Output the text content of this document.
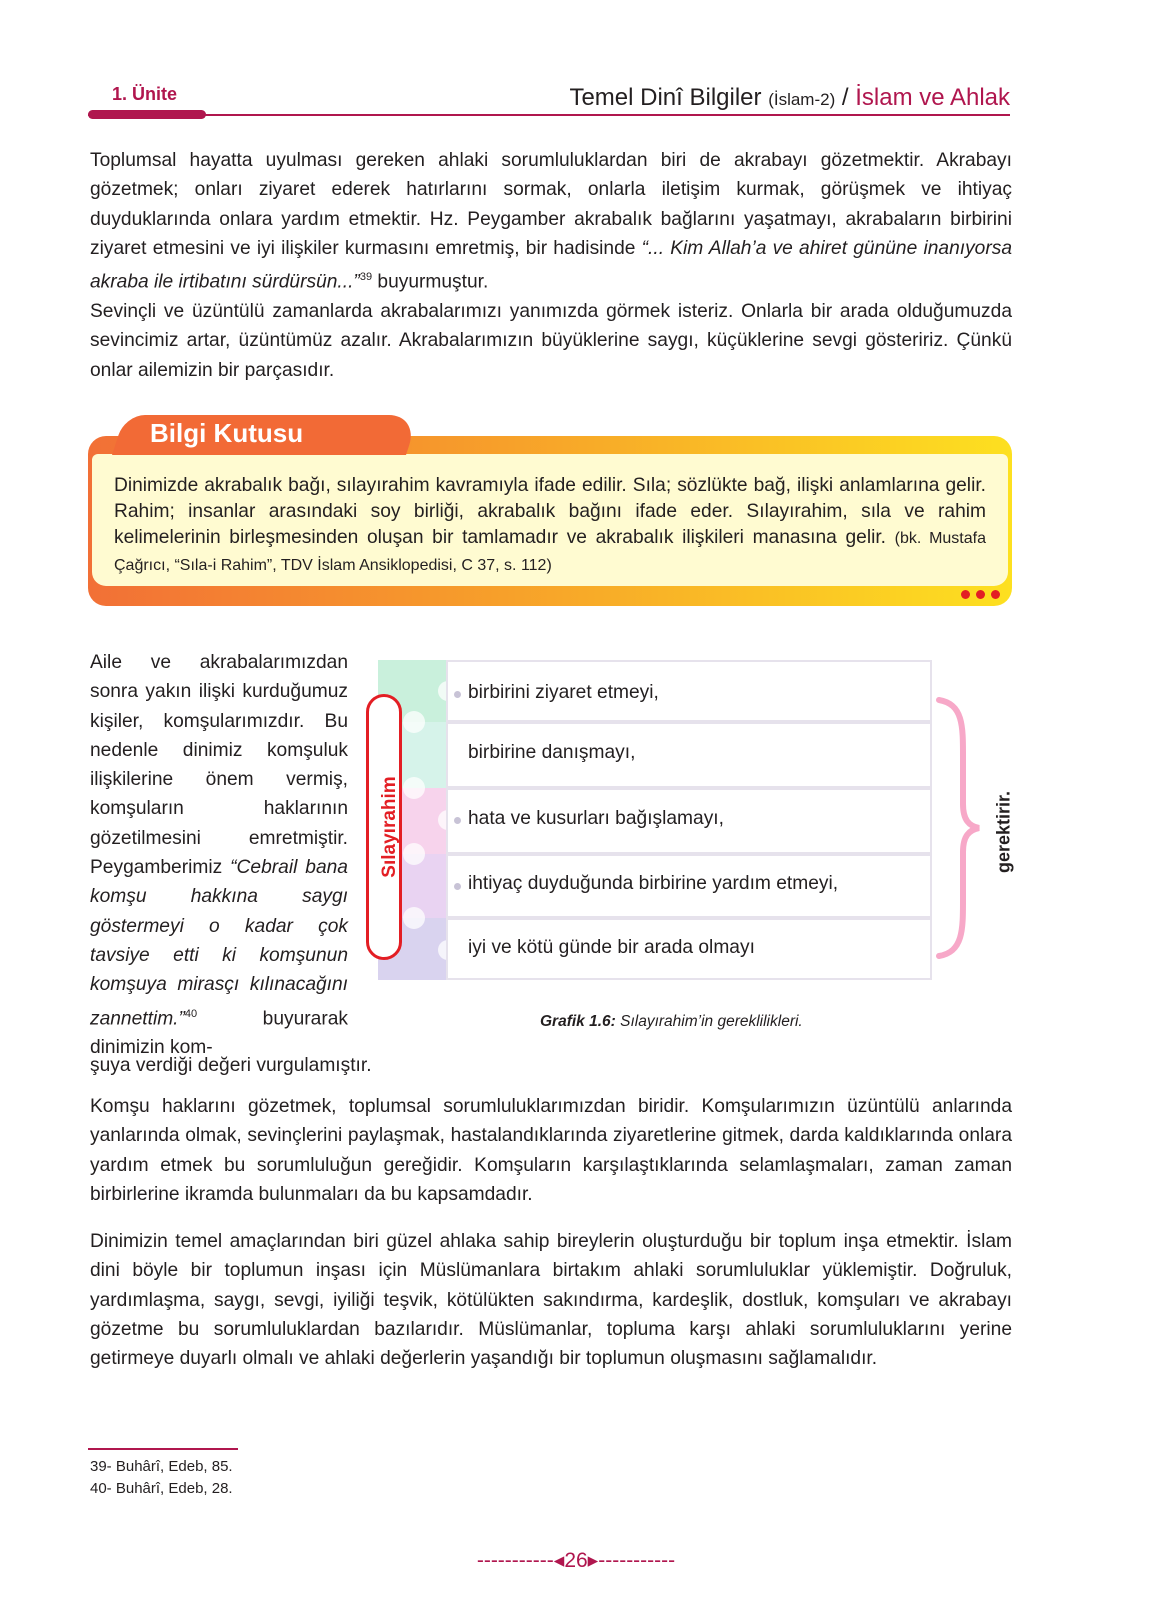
1. Ünite	Temel Dinî Bilgiler (İslam-2) / İslam ve Ahlak
Toplumsal hayatta uyulması gereken ahlaki sorumluluklardan biri de akrabayı gözetmektir. Akrabayı gözetmek; onları ziyaret ederek hatırlarını sormak, onlarla iletişim kurmak, görüşmek ve ihtiyaç duyduklarında onlara yardım etmektir. Hz. Peygamber akrabalık bağlarını yaşatmayı, akrabaların birbirini ziyaret etmesini ve iyi ilişkiler kurmasını emretmiş, bir hadisinde “... Kim Allah’a ve ahiret gününe inanıyorsa akraba ile irtibatını sürdürsün...”$^{39}$ buyurmuştur.
Sevinçli ve üzüntülü zamanlarda akrabalarımızı yanımızda görmek isteriz. Onlarla bir arada olduğumuzda sevincimiz artar, üzüntümüz azalır. Akrabalarımızın büyüklerine saygı, küçüklerine sevgi gösteririz. Çünkü onlar ailemizin bir parçasıdır.
Bilgi Kutusu
Dinimizde akrabalık bağı, sılayırahim kavramıyla ifade edilir. Sıla; sözlükte bağ, ilişki anlamlarına gelir. Rahim; insanlar arasındaki soy birliği, akrabalık bağını ifade eder. Sılayırahim, sıla ve rahim kelimelerinin birleşmesinden oluşan bir tamlamadır ve akrabalık ilişkileri manasına gelir. (bk. Mustafa Çağrıcı, “Sıla-i Rahim”, TDV İslam Ansiklopedisi, C 37, s. 112)
Aile ve akrabalarımızdan sonra yakın ilişki kurduğumuz kişiler, komşularımızdır. Bu nedenle dinimiz komşuluk ilişkilerine önem vermiş, komşuların haklarının gözetilmesini emretmiştir. Peygamberimiz “Cebrail bana komşu hakkına saygı göstermeyi o kadar çok tavsiye etti ki komşunun komşuya mirasçı kılınacağını zannettim.”$^{40}$ buyurarak dinimizin kom-
şuya verdiği değeri vurgulamıştır.
birbirini ziyaret etmeyi,
birbirine danışmayı,
hata ve kusurları bağışlamayı,
ihtiyaç duyduğunda birbirine yardım etmeyi,
iyi ve kötü günde bir arada olmayı
Sılayırahim	gerektirir.
Grafik 1.6: Sılayırahim’in gereklilikleri.
Komşu haklarını gözetmek, toplumsal sorumluluklarımızdan biridir. Komşularımızın üzüntülü anlarında yanlarında olmak, sevinçlerini paylaşmak, hastalandıklarında ziyaretlerine gitmek, darda kaldıklarında onlara yardım etmek bu sorumluluğun gereğidir. Komşuların karşılaştıklarında selamlaşmaları, zaman zaman birbirlerine ikramda bulunmaları da bu kapsamdadır.
Dinimizin temel amaçlarından biri güzel ahlaka sahip bireylerin oluşturduğu bir toplum inşa etmektir. İslam dini böyle bir toplumun inşası için Müslümanlara birtakım ahlaki sorumluluklar yüklemiştir. Doğruluk, yardımlaşma, saygı, sevgi, iyiliği teşvik, kötülükten sakındırma, kardeşlik, dostluk, komşuları ve akrabayı gözetme bu sorumluluklardan bazılarıdır. Müslümanlar, topluma karşı ahlaki sorumluluklarını yerine getirmeye duyarlı olmalı ve ahlaki değerlerin yaşandığı bir toplumun oluşmasını sağlamalıdır.
39- Buhârî, Edeb, 85.
40- Buhârî, Edeb, 28.
-----------◂26▸-----------
